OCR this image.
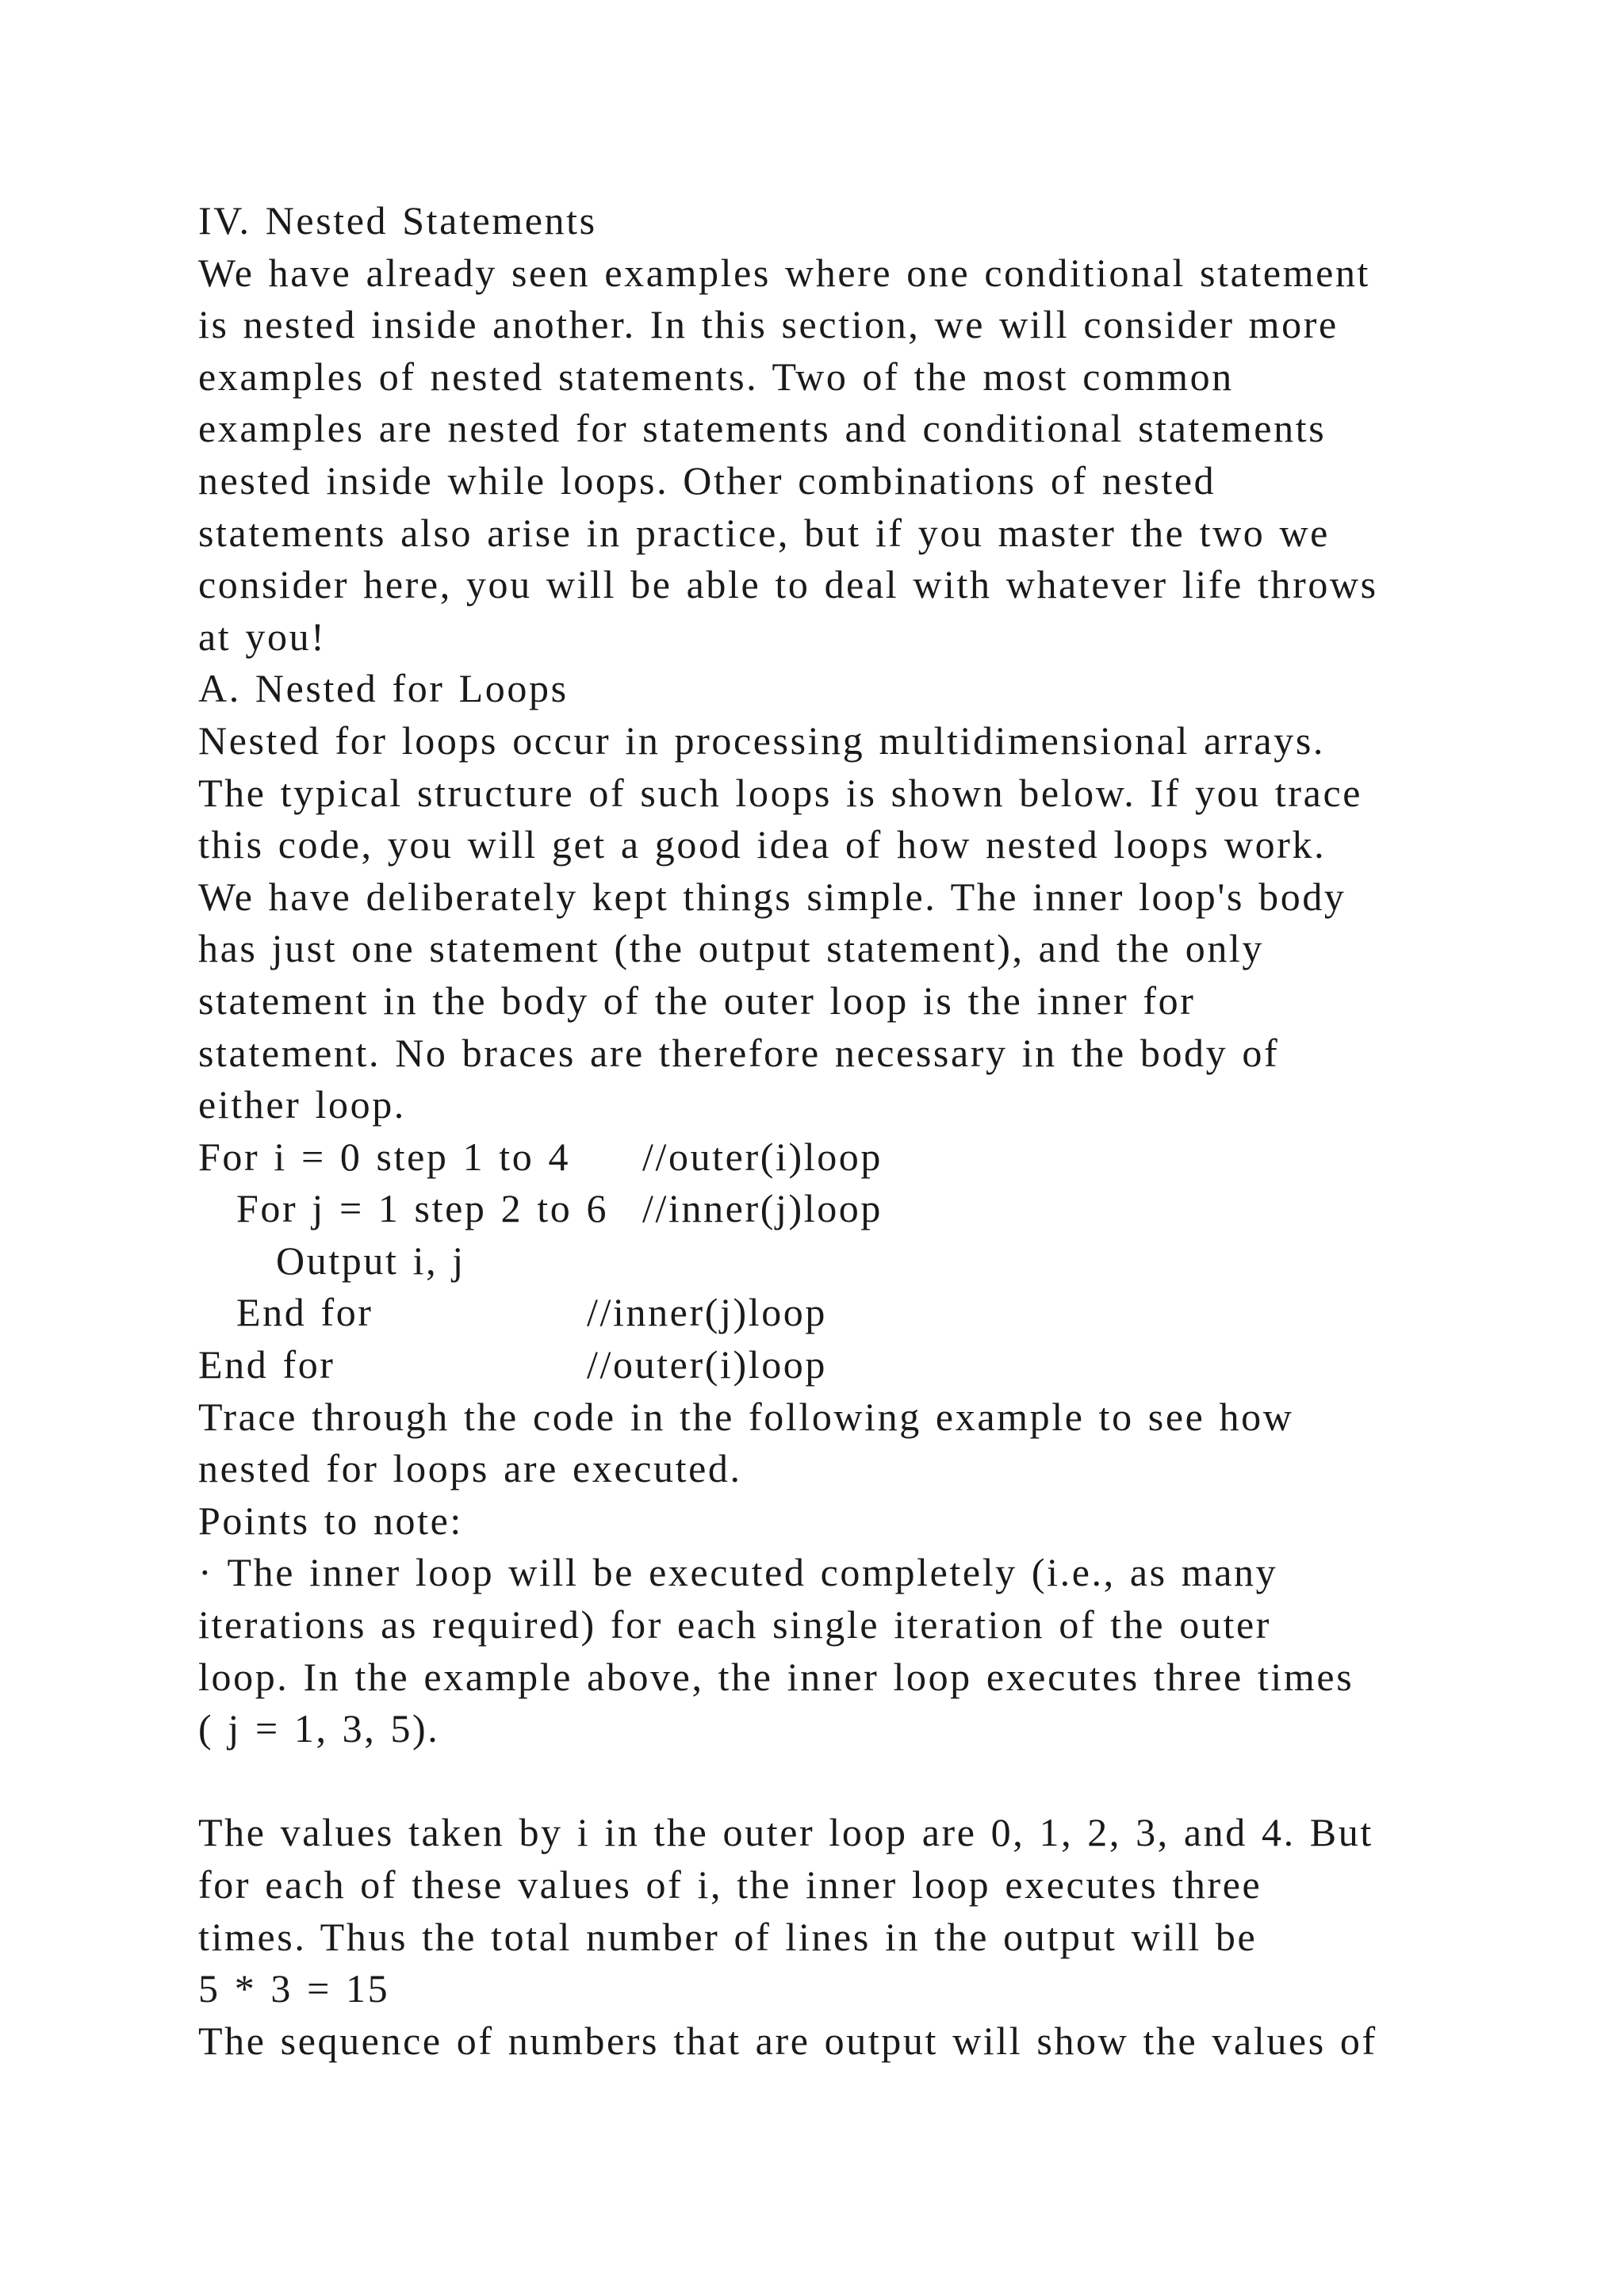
IV. Nested Statements
We have already seen examples where one conditional statement
is nested inside another. In this section, we will consider more
examples of nested statements. Two of the most common
examples are nested for statements and conditional statements
nested inside while loops. Other combinations of nested
statements also arise in practice, but if you master the two we
consider here, you will be able to deal with whatever life throws
at you!
A. Nested for Loops
Nested for loops occur in processing multidimensional arrays.
The typical structure of such loops is shown below. If you trace
this code, you will get a good idea of how nested loops work.
We have deliberately kept things simple. The inner loop's body
has just one statement (the output statement), and the only
statement in the body of the outer loop is the inner for
statement. No braces are therefore necessary in the body of
either loop.

For i = 0 step 1 to 4

//outer(i)loop

For j = 1 step 2 to 6

//inner(j)loop

Output i, j

End for

	//inner(j)loop

End for

	//outer(i)loop

Trace through the code in the following example to see how
nested for loops are executed.
Points to note:
· The inner loop will be executed completely (i.e., as many
iterations as required) for each single iteration of the outer
loop. In the example above, the inner loop executes three times
( j = 1, 3, 5).
The values taken by i in the outer loop are 0, 1, 2, 3, and 4. But
for each of these values of i, the inner loop executes three
times. Thus the total number of lines in the output will be
5 * 3 = 15
The sequence of numbers that are output will show the values of
